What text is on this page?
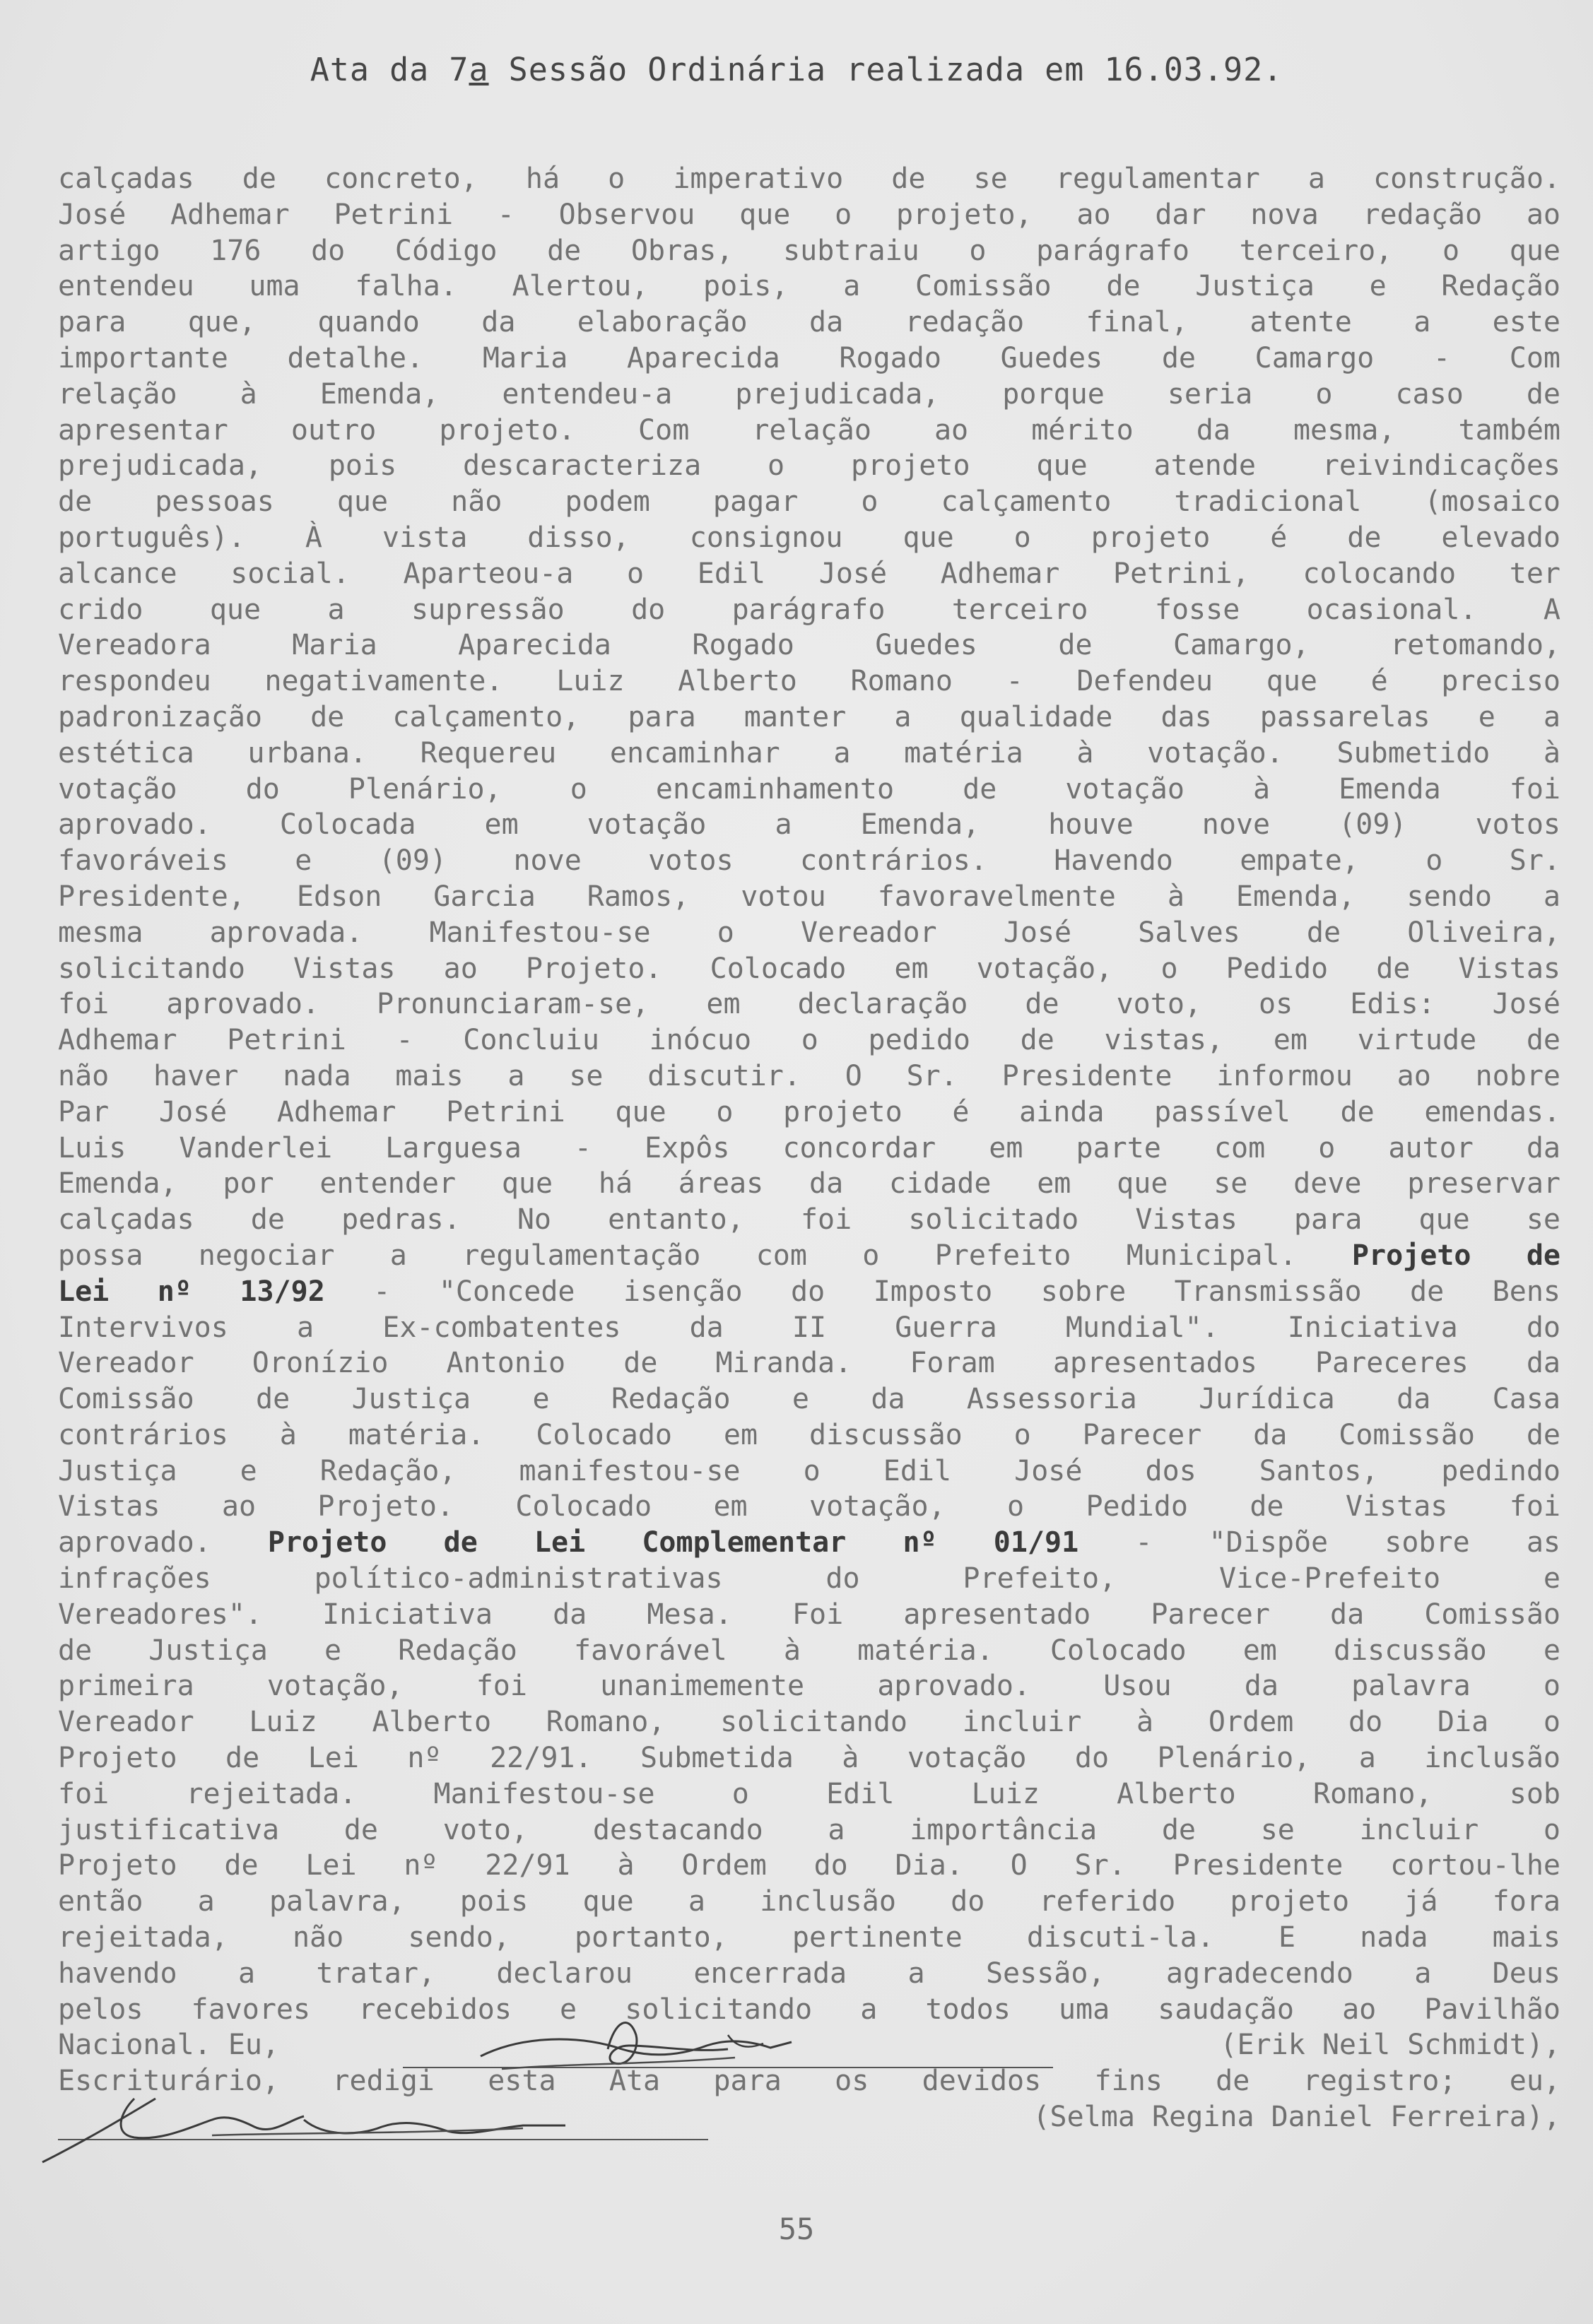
Ata da 7a Sessão Ordinária realizada em 16.03.92.
calçadas de concreto, há o imperativo de se regulamentar a construção.
José Adhemar Petrini - Observou que o projeto, ao dar nova redação ao
artigo 176 do Código de Obras, subtraiu o parágrafo terceiro, o que
entendeu uma falha. Alertou, pois, a Comissão de Justiça e Redação
para que, quando da elaboração da redação final, atente a este
importante detalhe. Maria Aparecida Rogado Guedes de Camargo - Com
relação à Emenda, entendeu-a prejudicada, porque seria o caso de
apresentar outro projeto. Com relação ao mérito da mesma, também
prejudicada, pois descaracteriza o projeto que atende reivindicações
de pessoas que não podem pagar o calçamento tradicional (mosaico
português). À vista disso, consignou que o projeto é de elevado
alcance social. Aparteou-a o Edil José Adhemar Petrini, colocando ter
crido que a supressão do parágrafo terceiro fosse ocasional. A
Vereadora Maria Aparecida Rogado Guedes de Camargo, retomando,
respondeu negativamente. Luiz Alberto Romano - Defendeu que é preciso
padronização de calçamento, para manter a qualidade das passarelas e a
estética urbana. Requereu encaminhar a matéria à votação. Submetido à
votação do Plenário, o encaminhamento de votação à Emenda foi
aprovado. Colocada em votação a Emenda, houve nove (09) votos
favoráveis e (09) nove votos contrários. Havendo empate, o Sr.
Presidente, Edson Garcia Ramos, votou favoravelmente à Emenda, sendo a
mesma aprovada. Manifestou-se o Vereador José Salves de Oliveira,
solicitando Vistas ao Projeto. Colocado em votação, o Pedido de Vistas
foi aprovado. Pronunciaram-se, em declaração de voto, os Edis: José
Adhemar Petrini - Concluiu inócuo o pedido de vistas, em virtude de
não haver nada mais a se discutir. O Sr. Presidente informou ao nobre
Par José Adhemar Petrini que o projeto é ainda passível de emendas.
Luis Vanderlei Larguesa - Expôs concordar em parte com o autor da
Emenda, por entender que há áreas da cidade em que se deve preservar
calçadas de pedras. No entanto, foi solicitado Vistas para que se
possa negociar a regulamentação com o Prefeito Municipal. Projeto de
Lei nº 13/92 - "Concede isenção do Imposto sobre Transmissão de Bens
Intervivos a Ex-combatentes da II Guerra Mundial". Iniciativa do
Vereador Oronízio Antonio de Miranda. Foram apresentados Pareceres da
Comissão de Justiça e Redação e da Assessoria Jurídica da Casa
contrários à matéria. Colocado em discussão o Parecer da Comissão de
Justiça e Redação, manifestou-se o Edil José dos Santos, pedindo
Vistas ao Projeto. Colocado em votação, o Pedido de Vistas foi
aprovado. Projeto de Lei Complementar nº 01/91 - "Dispõe sobre as
infrações político-administrativas do Prefeito, Vice-Prefeito e
Vereadores". Iniciativa da Mesa. Foi apresentado Parecer da Comissão
de Justiça e Redação favorável à matéria. Colocado em discussão e
primeira votação, foi unanimemente aprovado. Usou da palavra o
Vereador Luiz Alberto Romano, solicitando incluir à Ordem do Dia o
Projeto de Lei nº 22/91. Submetida à votação do Plenário, a inclusão
foi rejeitada. Manifestou-se o Edil Luiz Alberto Romano, sob
justificativa de voto, destacando a importância de se incluir o
Projeto de Lei nº 22/91 à Ordem do Dia. O Sr. Presidente cortou-lhe
então a palavra, pois que a inclusão do referido projeto já fora
rejeitada, não sendo, portanto, pertinente discuti-la. E nada mais
havendo a tratar, declarou encerrada a Sessão, agradecendo a Deus
pelos favores recebidos e solicitando a todos uma saudação ao Pavilhão
Nacional. Eu,	(Erik Neil Schmidt),
Escriturário, redigi esta Ata para os devidos fins de registro; eu,
(Selma Regina Daniel Ferreira),
55
